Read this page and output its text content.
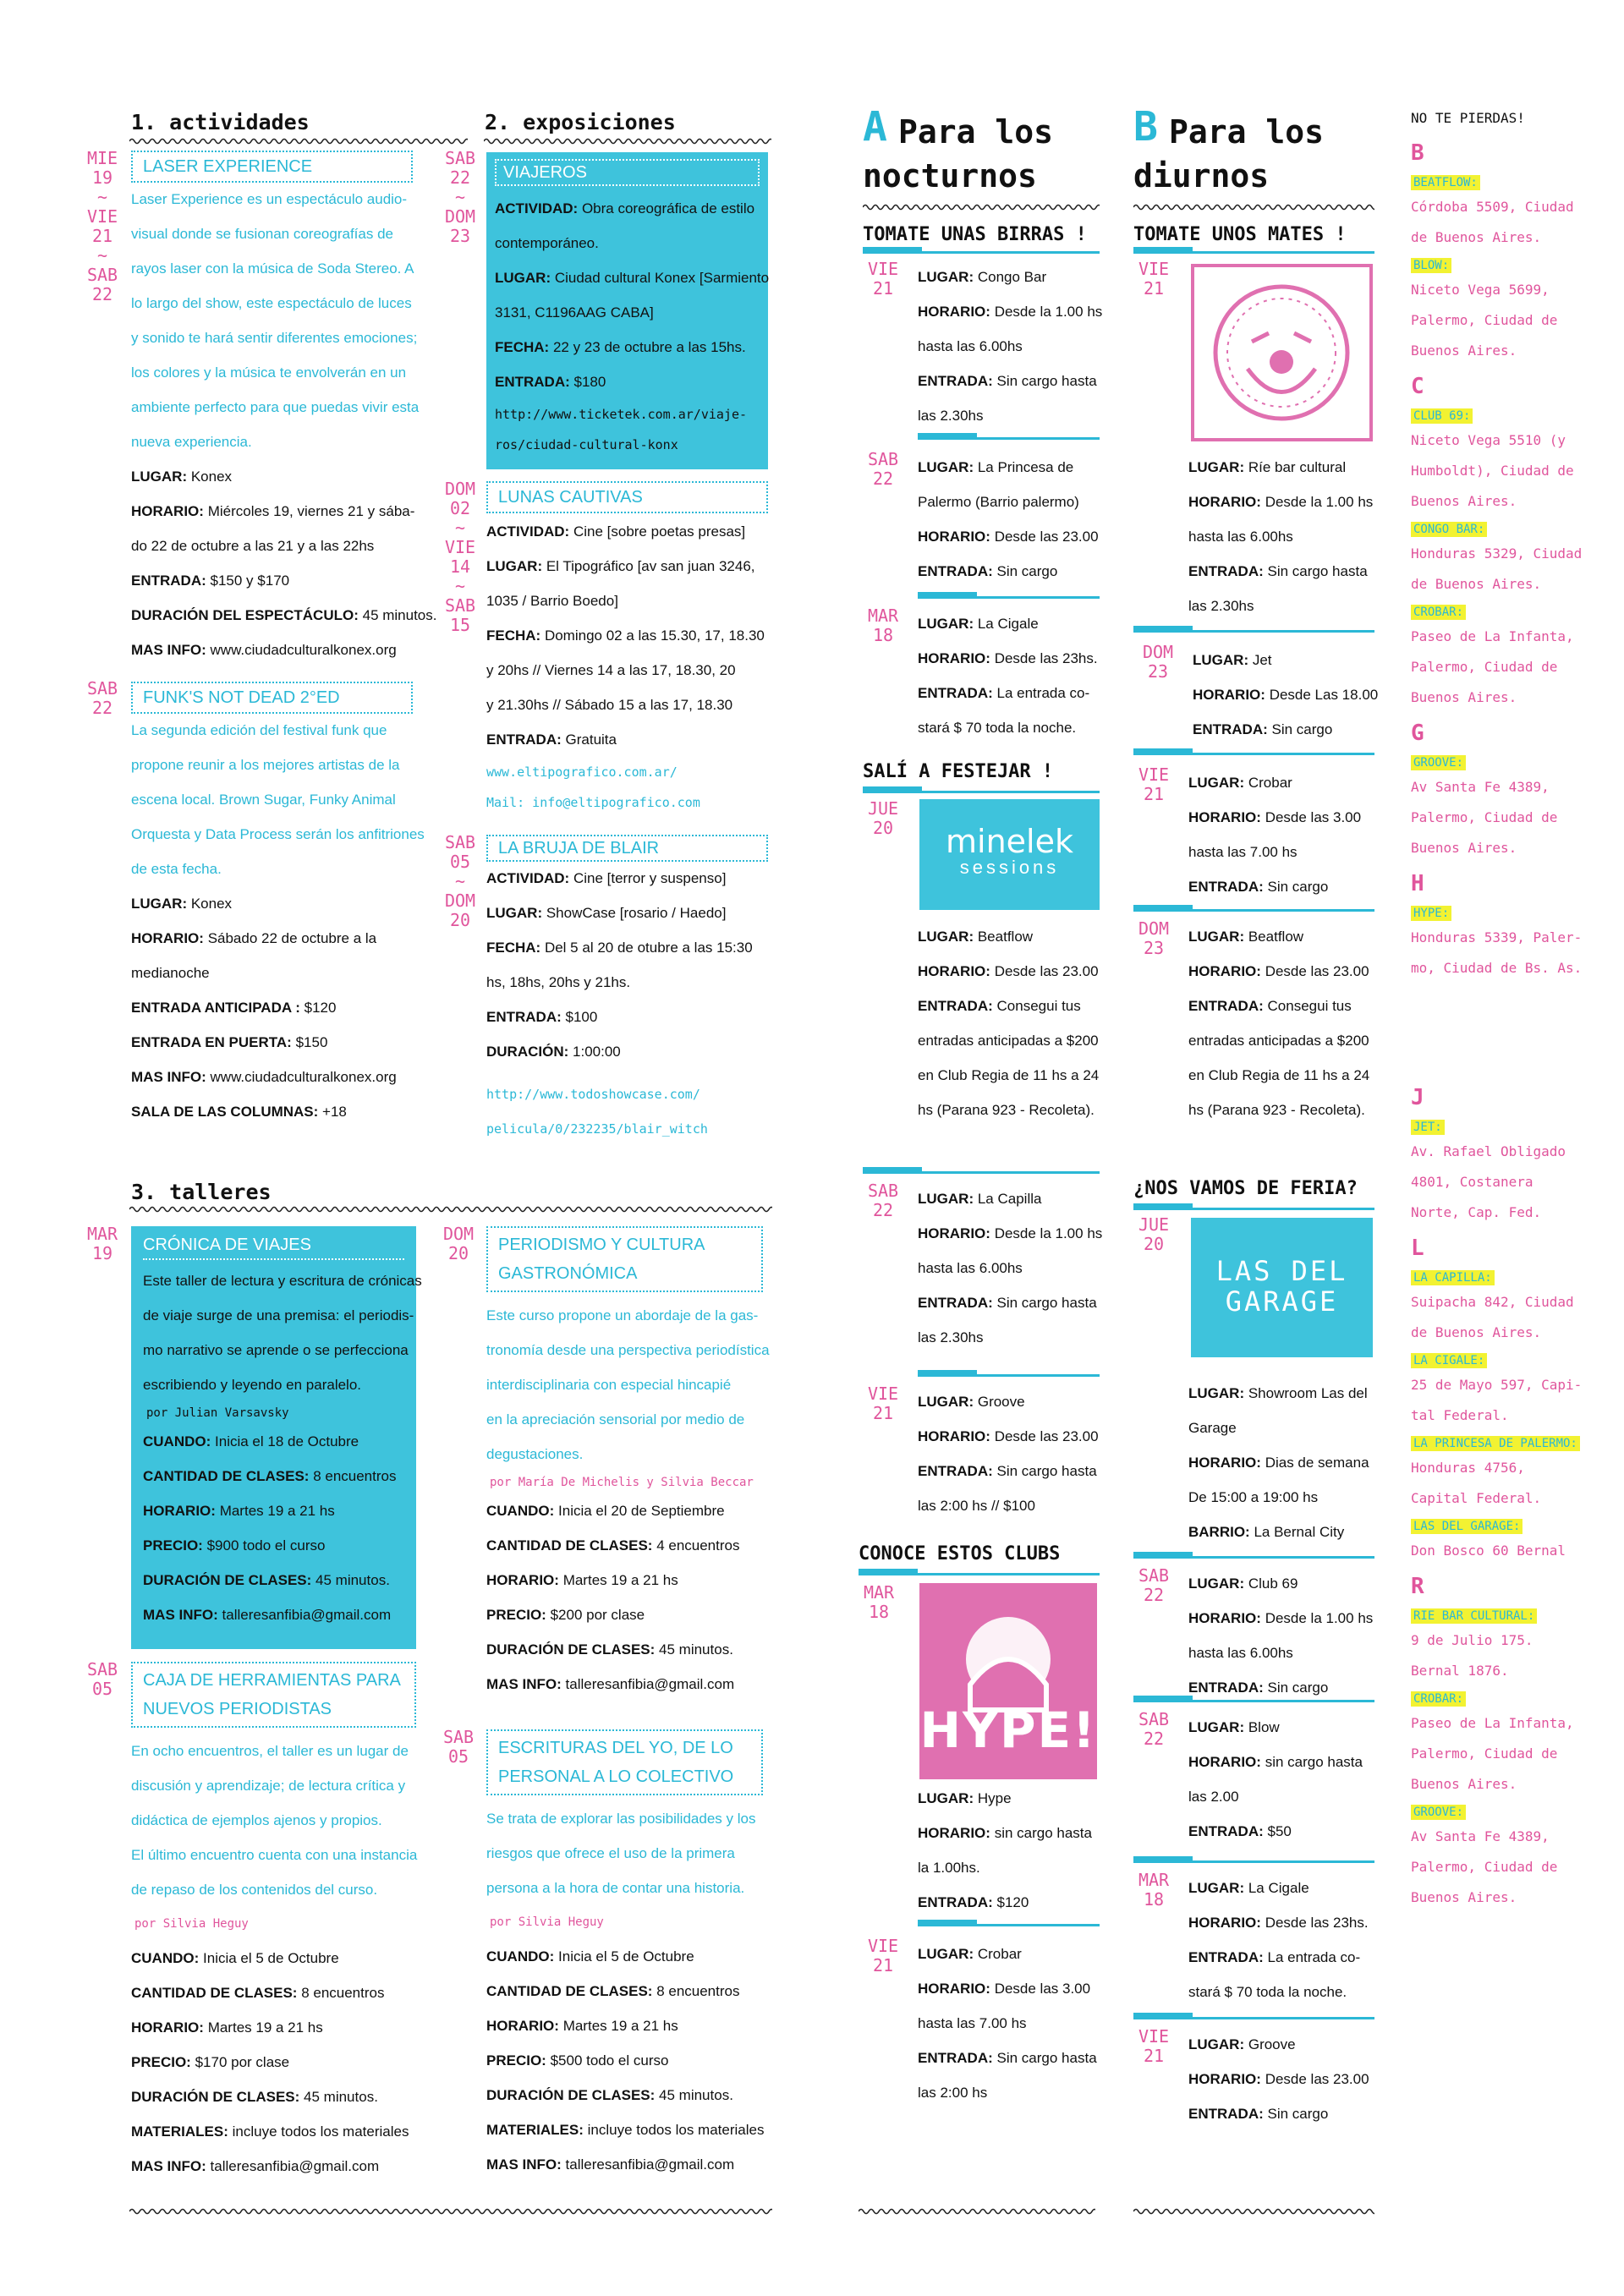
1. actividades
MIE
19
~
VIE
21
~
SAB
22
LASER EXPERIENCE
Laser Experience es un espectáculo audio-
visual donde se fusionan coreografías de
rayos laser con la música de Soda Stereo. A
lo largo del show, este espectáculo de luces
y sonido te hará sentir diferentes emociones;
los colores y la música te envolverán en un
ambiente perfecto para que puedas vivir esta
nueva experiencia.
LUGAR: Konex
HORARIO: Miércoles 19, viernes 21 y sába-
do 22 de octubre a las 21 y a las 22hs
ENTRADA: $150 y $170
DURACIÓN DEL ESPECTÁCULO: 45 minutos.
MAS INFO: www.ciudadculturalkonex.org
SAB
22	FUNK'S NOT DEAD 2°ED
La segunda edición del festival funk que
propone reunir a los mejores artistas de la
escena local. Brown Sugar, Funky Animal
Orquesta y Data Process serán los anfitriones
de esta fecha.
LUGAR: Konex
HORARIO: Sábado 22 de octubre a la
medianoche
ENTRADA ANTICIPADA : $120
ENTRADA EN PUERTA: $150
MAS INFO: www.ciudadculturalkonex.org
SALA DE LAS COLUMNAS: +18
2. exposiciones
SAB
22
~
DOM
23
VIAJEROS
ACTIVIDAD: Obra coreográfica de estilo
contemporáneo.
LUGAR: Ciudad cultural Konex [Sarmiento
3131, C1196AAG CABA]
FECHA: 22 y 23 de octubre a las 15hs.
ENTRADA: $180
http://www.ticketek.com.ar/viaje-
ros/ciudad-cultural-konx
DOM
02
~
VIE
14
~
SAB
15
LUNAS CAUTIVAS
ACTIVIDAD: Cine [sobre poetas presas]
LUGAR: El Tipográfico [av san juan 3246,
1035 / Barrio Boedo]
FECHA: Domingo 02 a las 15.30, 17, 18.30
y 20hs // Viernes 14 a las 17, 18.30, 20
y 21.30hs // Sábado 15 a las 17, 18.30
ENTRADA: Gratuita
www.eltipografico.com.ar/
Mail: info@eltipografico.com
SAB
05
~
DOM
20
LA BRUJA DE BLAIR
ACTIVIDAD: Cine [terror y suspenso]
LUGAR: ShowCase [rosario / Haedo]
FECHA: Del 5 al 20 de otubre a las 15:30
hs, 18hs, 20hs y 21hs.
ENTRADA: $100
DURACIÓN: 1:00:00
http://www.todoshowcase.com/
pelicula/0/232235/blair_witch
3. talleres
MAR
19	CRÓNICA DE VIAJES
Este taller de lectura y escritura de crónicas
de viaje surge de una premisa: el periodis-
mo narrativo se aprende o se perfecciona
escribiendo y leyendo en paralelo.
por Julian Varsavsky
CUANDO: Inicia el 18 de Octubre
CANTIDAD DE CLASES: 8 encuentros
HORARIO: Martes 19 a 21 hs
PRECIO: $900 todo el curso
DURACIÓN DE CLASES: 45 minutos.
MAS INFO: talleresanfibia@gmail.com
SAB
05	CAJA DE HERRAMIENTAS PARA
NUEVOS PERIODISTAS
En ocho encuentros, el taller es un lugar de
discusión y aprendizaje; de lectura crítica y
didáctica de ejemplos ajenos y propios.
El último encuentro cuenta con una instancia
de repaso de los contenidos del curso.
por Silvia Heguy
CUANDO: Inicia el 5 de Octubre
CANTIDAD DE CLASES: 8 encuentros
HORARIO: Martes 19 a 21 hs
PRECIO: $170 por clase
DURACIÓN DE CLASES: 45 minutos.
MATERIALES: incluye todos los materiales
MAS INFO: talleresanfibia@gmail.com
DOM
20	PERIODISMO Y CULTURA
GASTRONÓMICA
Este curso propone un abordaje de la gas-
tronomía desde una perspectiva periodística
interdisciplinaria con especial hincapié
en la apreciación sensorial por medio de
degustaciones.
por María De Michelis y Silvia Beccar
CUANDO: Inicia el 20 de Septiembre
CANTIDAD DE CLASES: 4 encuentros
HORARIO: Martes 19 a 21 hs
PRECIO: $200 por clase
DURACIÓN DE CLASES: 45 minutos.
MAS INFO: talleresanfibia@gmail.com
SAB
05	ESCRITURAS DEL YO, DE LO
PERSONAL A LO COLECTIVO
Se trata de explorar las posibilidades y los
riesgos que ofrece el uso de la primera
persona a la hora de contar una historia.
por Silvia Heguy
CUANDO: Inicia el 5 de Octubre
CANTIDAD DE CLASES: 8 encuentros
HORARIO: Martes 19 a 21 hs
PRECIO: $500 todo el curso
DURACIÓN DE CLASES: 45 minutos.
MATERIALES: incluye todos los materiales
MAS INFO: talleresanfibia@gmail.com
A Para los
nocturnos
TOMATE UNAS BIRRAS !
VIE
21
LUGAR: Congo Bar
HORARIO: Desde la 1.00 hs
hasta las 6.00hs
ENTRADA: Sin cargo hasta
las 2.30hs
SAB
22
LUGAR: La Princesa de
Palermo (Barrio palermo)
HORARIO: Desde las 23.00
ENTRADA: Sin cargo
MAR
18
LUGAR: La Cigale
HORARIO: Desde las 23hs.
ENTRADA: La entrada co-
stará $ 70 toda la noche.
SALÍ A FESTEJAR !
JUE
20	minelek
sessions
LUGAR: Beatflow
HORARIO: Desde las 23.00
ENTRADA: Consegui tus
entradas anticipadas a $200
en Club Regia de 11 hs a 24
hs (Parana 923 - Recoleta).
SAB
22
LUGAR: La Capilla
HORARIO: Desde la 1.00 hs
hasta las 6.00hs
ENTRADA: Sin cargo hasta
las 2.30hs
VIE
21
LUGAR: Groove
HORARIO: Desde las 23.00
ENTRADA: Sin cargo hasta
las 2:00 hs // $100
CONOCE ESTOS CLUBS
MAR
18
HYPE!
LUGAR: Hype
HORARIO: sin cargo hasta
la 1.00hs.
ENTRADA: $120
VIE
21
LUGAR: Crobar
HORARIO: Desde las 3.00
hasta las 7.00 hs
ENTRADA: Sin cargo hasta
las 2:00 hs
B Para los
diurnos
TOMATE UNOS MATES !
VIE
21
LUGAR: Ríe bar cultural
HORARIO: Desde la 1.00 hs
hasta las 6.00hs
ENTRADA: Sin cargo hasta
las 2.30hs
DOM
23
LUGAR: Jet
HORARIO: Desde Las 18.00
ENTRADA: Sin cargo
VIE
21
LUGAR: Crobar
HORARIO: Desde las 3.00
hasta las 7.00 hs
ENTRADA: Sin cargo
DOM
23
LUGAR: Beatflow
HORARIO: Desde las 23.00
ENTRADA: Consegui tus
entradas anticipadas a $200
en Club Regia de 11 hs a 24
hs (Parana 923 - Recoleta).
¿NOS VAMOS DE FERIA?
JUE
20
LAS DEL
GARAGE
LUGAR: Showroom Las del
Garage
HORARIO: Dias de semana
De 15:00 a 19:00 hs
BARRIO: La Bernal City
SAB
22
LUGAR: Club 69
HORARIO: Desde la 1.00 hs
hasta las 6.00hs
ENTRADA: Sin cargo
SAB
22
LUGAR: Blow
HORARIO: sin cargo hasta
las 2.00
ENTRADA: $50
MAR
18
LUGAR: La Cigale
HORARIO: Desde las 23hs.
ENTRADA: La entrada co-
stará $ 70 toda la noche.
VIE
21
LUGAR: Groove
HORARIO: Desde las 23.00
ENTRADA: Sin cargo
NO TE PIERDAS!
B
BEATFLOW:
Córdoba 5509, Ciudad
de Buenos Aires.
BLOW:
Niceto Vega 5699,
Palermo, Ciudad de
Buenos Aires.
C
CLUB 69:
Niceto Vega 5510 (y
Humboldt), Ciudad de
Buenos Aires.
CONGO BAR:
Honduras 5329, Ciudad
de Buenos Aires.
CROBAR:
Paseo de La Infanta,
Palermo, Ciudad de
Buenos Aires.
G
GROOVE:
Av Santa Fe 4389,
Palermo, Ciudad de
Buenos Aires.
H
HYPE:
Honduras 5339, Paler-
mo, Ciudad de Bs. As.
J
JET:
Av. Rafael Obligado
4801, Costanera
Norte, Cap. Fed.
L
LA CAPILLA:
Suipacha 842, Ciudad
de Buenos Aires.
LA CIGALE:
25 de Mayo 597, Capi-
tal Federal.
LA PRINCESA DE PALERMO:
Honduras 4756,
Capital Federal.
LAS DEL GARAGE:
Don Bosco 60 Bernal
R
RIE BAR CULTURAL:
9 de Julio 175.
Bernal 1876.
CROBAR:
Paseo de La Infanta,
Palermo, Ciudad de
Buenos Aires.
GROOVE:
Av Santa Fe 4389,
Palermo, Ciudad de
Buenos Aires.
